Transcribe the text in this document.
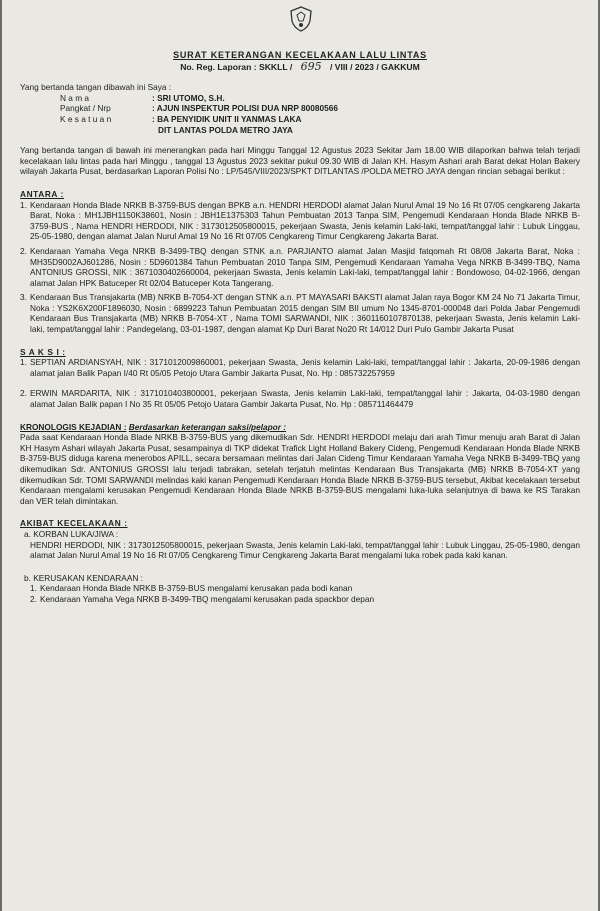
SURAT KETERANGAN KECELAKAAN LALU LINTAS
No. Reg. Laporan : SKKLL / 695 / VIII / 2023 / GAKKUM

Yang bertanda tangan dibawah ini Saya :

N a m a	: SRI UTOMO, S.H.
Pangkat / Nrp	: AJUN INSPEKTUR POLISI DUA NRP 80080566
K e s a t u a n	: BA PENYIDIK UNIT II YANMAS LAKA
DIT LANTAS POLDA METRO JAYA

Yang bertanda tangan di bawah ini menerangkan pada hari Minggu Tanggal 12 Agustus 2023 Sekitar Jam 18.00 WIB dilaporkan bahwa telah terjadi kecelakaan lalu lintas pada hari Minggu , tanggal 13 Agustus 2023 sekitar pukul 09.30 WIB di Jalan KH. Hasym Ashari arah Barat dekat Holan Bakery wilayah Jakarta Pusat, berdasarkan Laporan Polisi No : LP/545/VIII/2023/SPKT DITLANTAS /POLDA METRO JAYA dengan rincian sebagai berikut :

ANTARA :
1. Kendaraan Honda Blade NRKB B-3759-BUS dengan BPKB a.n. HENDRI HERDODI alamat Jalan Nurul Amal 19 No 16 Rt 07/05 cengkareng Jakarta Barat, Noka : MH1JBH1150K38601, Nosin : JBH1E1375303 Tahun Pembuatan 2013 Tanpa SIM, Pengemudi Kendaraan Honda Blade NRKB B-3759-BUS , Nama HENDRI HERDODI, NIK : 3173012505800015, pekerjaan Swasta, Jenis kelamin Laki-laki, tempat/tanggal lahir : Lubuk Linggau, 25-05-1980, dengan alamat Jalan Nurul Amal 19 No 16 Rt 07/05 Cengkareng Timur Cengkareng Jakarta Barat.
2. Kendaraan Yamaha Vega NRKB B-3499-TBQ dengan STNK a.n. PARJIANTO alamat Jalan Masjid fatqomah Rt 08/08 Jakarta Barat, Noka : MH35D9002AJ601286, Nosin : 5D9601384 Tahun Pembuatan 2010 Tanpa SIM, Pengemudi Kendaraan Yamaha Vega NRKB B-3499-TBQ, Nama ANTONIUS GROSSI, NIK : 3671030402660004, pekerjaan Swasta, Jenis kelamin Laki-laki, tempat/tanggal lahir : Bondowoso, 04-02-1966, dengan alamat Jalan HPK Batuceper Rt 02/04 Batuceper Kota Tangerang.
3. Kendaraan Bus Transjakarta (MB) NRKB B-7054-XT dengan STNK a.n. PT MAYASARI BAKSTI alamat Jalan raya Bogor KM 24 No 71 Jakarta Timur, Noka : YS2K6X200F1896030, Nosin : 6899223 Tahun Pembuatan 2015 dengan SIM BII umum No 1345-8701-000048 dari Polda Jabar Pengemudi Kendaraan Bus Transjakarta (MB) NRKB B-7054-XT , Nama TOMI SARWANDI, NIK : 3601160107870138, pekerjaan Swasta, Jenis kelamin Laki-laki, tempat/tanggal lahir : Pandegelang, 03-01-1987, dengan alamat Kp Duri Barat No20 Rt 14/012 Duri Pulo Gambir Jakarta Pusat
S A K S I :
1. SEPTIAN ARDIANSYAH, NIK : 3171012009860001, pekerjaan Swasta, Jenis kelamin Laki-laki, tempat/tanggal lahir : Jakarta, 20-09-1986 dengan alamat jalan Balik Papan I/40 Rt 05/05 Petojo Utara Gambir Jakarta Pusat, No. Hp : 085732257959
2. ERWIN MARDARITA, NIK : 3171010403800001, pekerjaan Swasta, Jenis kelamin Laki-laki, tempat/tanggal lahir : Jakarta, 04-03-1980 dengan alamat Jalan Balik papan I No 35 Rt 05/05 Petojo Uatara Gambir Jakarta Pusat, No. Hp : 085711464479
KRONOLOGIS KEJADIAN : Berdasarkan keterangan saksi/pelapor :

Pada saat Kendaraan Honda Blade NRKB B-3759-BUS yang dikemudikan Sdr. HENDRI HERDODI melaju dari arah Timur menuju arah Barat di Jalan KH Hasym Ashari wilayah Jakarta Pusat, sesampainya di TKP didekat Trafick Light Holland Bakery Cideng, Pengemudi Kendaraan Honda Blade NRKB B-3759-BUS diduga karena menerobos APILL, secara bersamaan melintas dari Jalan Cideng Timur Kendaraan Yamaha Vega NRKB B-3499-TBQ yang dikemudikan Sdr. ANTONIUS GROSSI lalu terjadi tabrakan, setelah terjatuh melintas Kendaraan Bus Transjakarta (MB) NRKB B-7054-XT yang dikemudikan Sdr. TOMI SARWANDI melindas kaki kanan Pengemudi Kendaraan Honda Blade NRKB B-3759-BUS tersebut, Akibat kecelakaan tersebut Kendaraan mengalami kerusakan Pengemudi Kendaraan Honda Blade NRKB B-3759-BUS mengalami luka-luka selanjutnya di bawa ke RS Tarakan dan VER telah dimintakan.

AKIBAT KECELAKAAN :
a. KORBAN LUKA/JIWA :

HENDRI HERDODI, NIK : 3173012505800015, pekerjaan Swasta, Jenis kelamin Laki-laki, tempat/tanggal lahir : Lubuk Linggau, 25-05-1980, dengan alamat Jalan Nurul Amal 19 No 16 Rt 07/05 Cengkareng Timur Cengkareng Jakarta Barat mengalami luka robek pada kaki kanan.

b. KERUSAKAN KENDARAAN :
1. Kendaraan Honda Blade NRKB B-3759-BUS mengalami kerusakan pada bodi kanan
2. Kendaraan Yamaha Vega NRKB B-3499-TBQ mengalami kerusakan pada spackbor depan
